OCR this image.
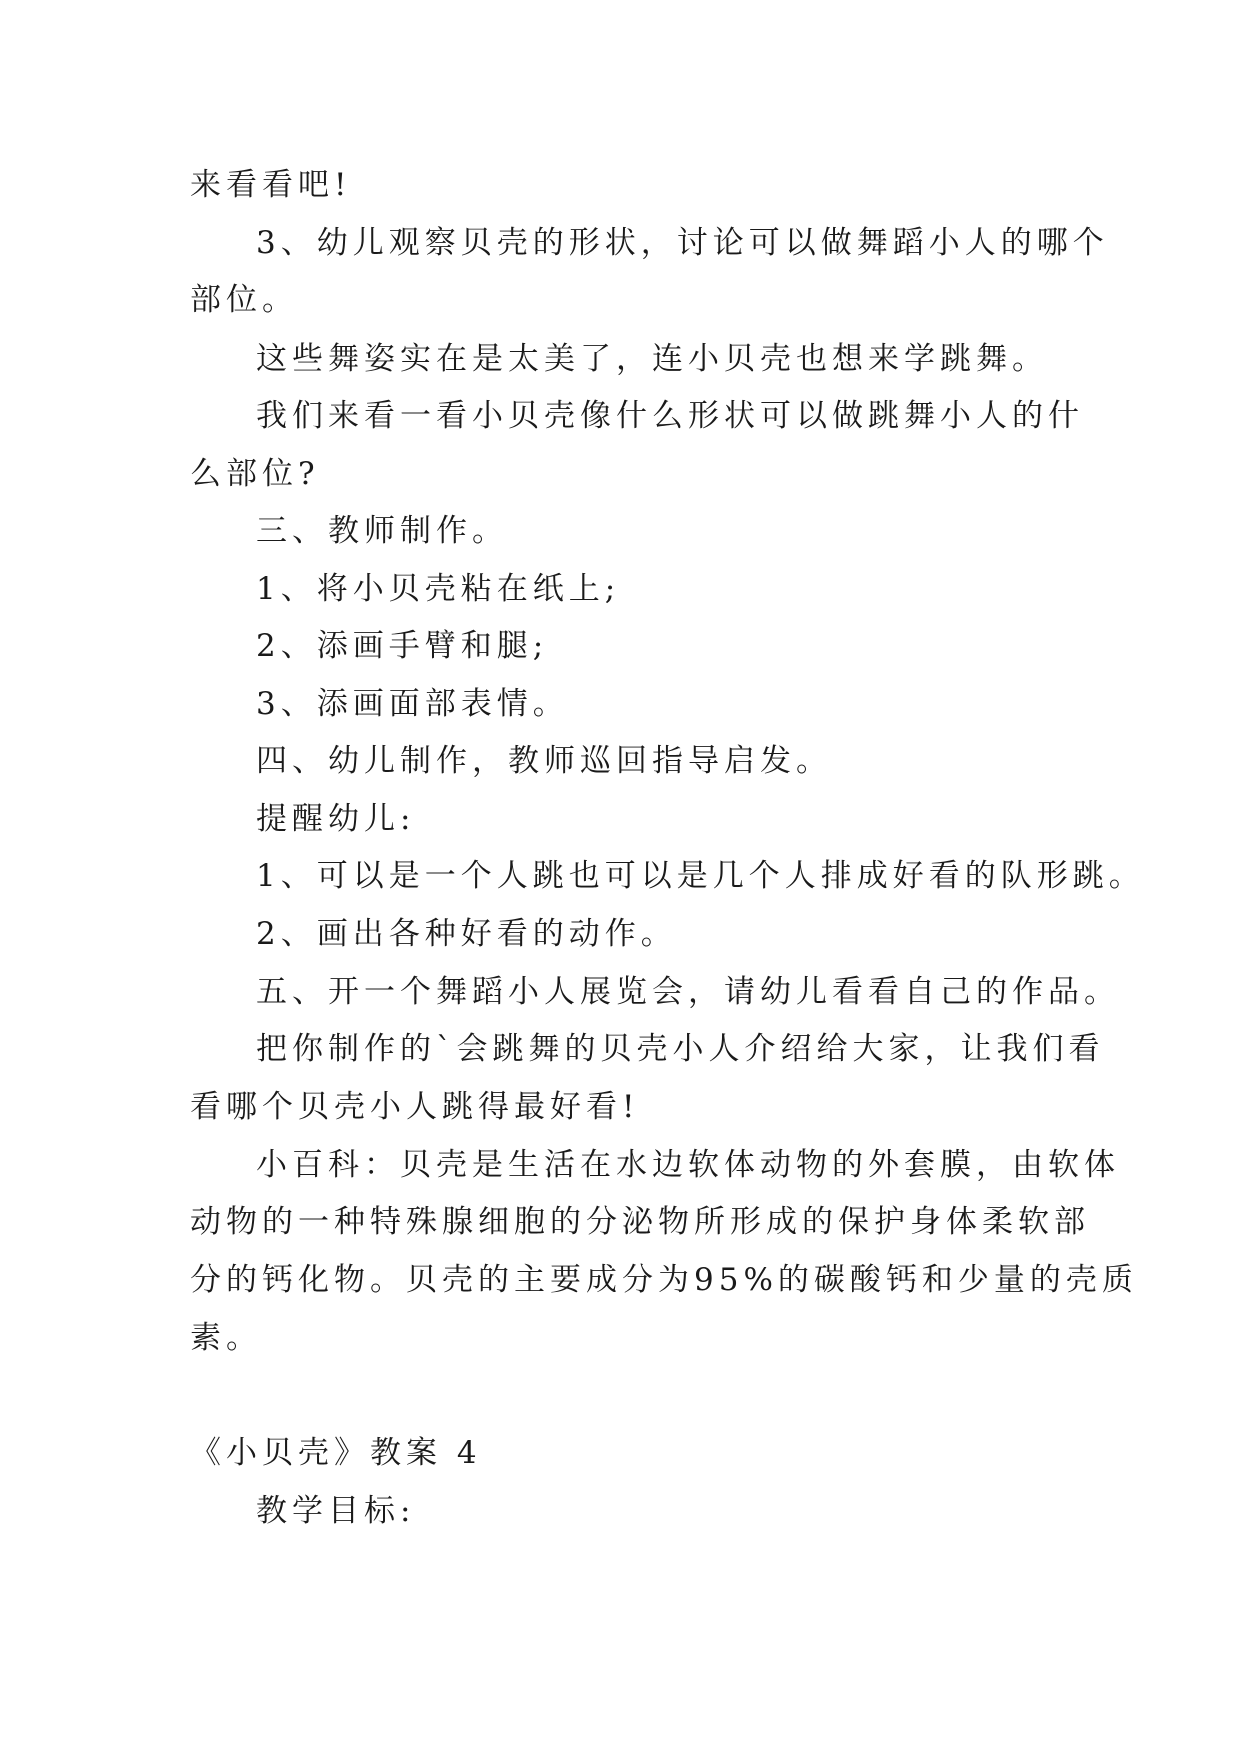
来看看吧!
3、幼儿观察贝壳的形状，讨论可以做舞蹈小人的哪个
部位。
这些舞姿实在是太美了，连小贝壳也想来学跳舞。
我们来看一看小贝壳像什么形状可以做跳舞小人的什
么部位?
三、教师制作。
1、将小贝壳粘在纸上;
2、添画手臂和腿;
3、添画面部表情。
四、幼儿制作，教师巡回指导启发。
提醒幼儿:
1、可以是一个人跳也可以是几个人排成好看的队形跳。
2、画出各种好看的动作。
五、开一个舞蹈小人展览会，请幼儿看看自己的作品。
把你制作的`会跳舞的贝壳小人介绍给大家，让我们看
看哪个贝壳小人跳得最好看!
小百科：贝壳是生活在水边软体动物的外套膜，由软体
动物的一种特殊腺细胞的分泌物所形成的保护身体柔软部
分的钙化物。贝壳的主要成分为95%的碳酸钙和少量的壳质
素。
《小贝壳》教案 4
教学目标:
